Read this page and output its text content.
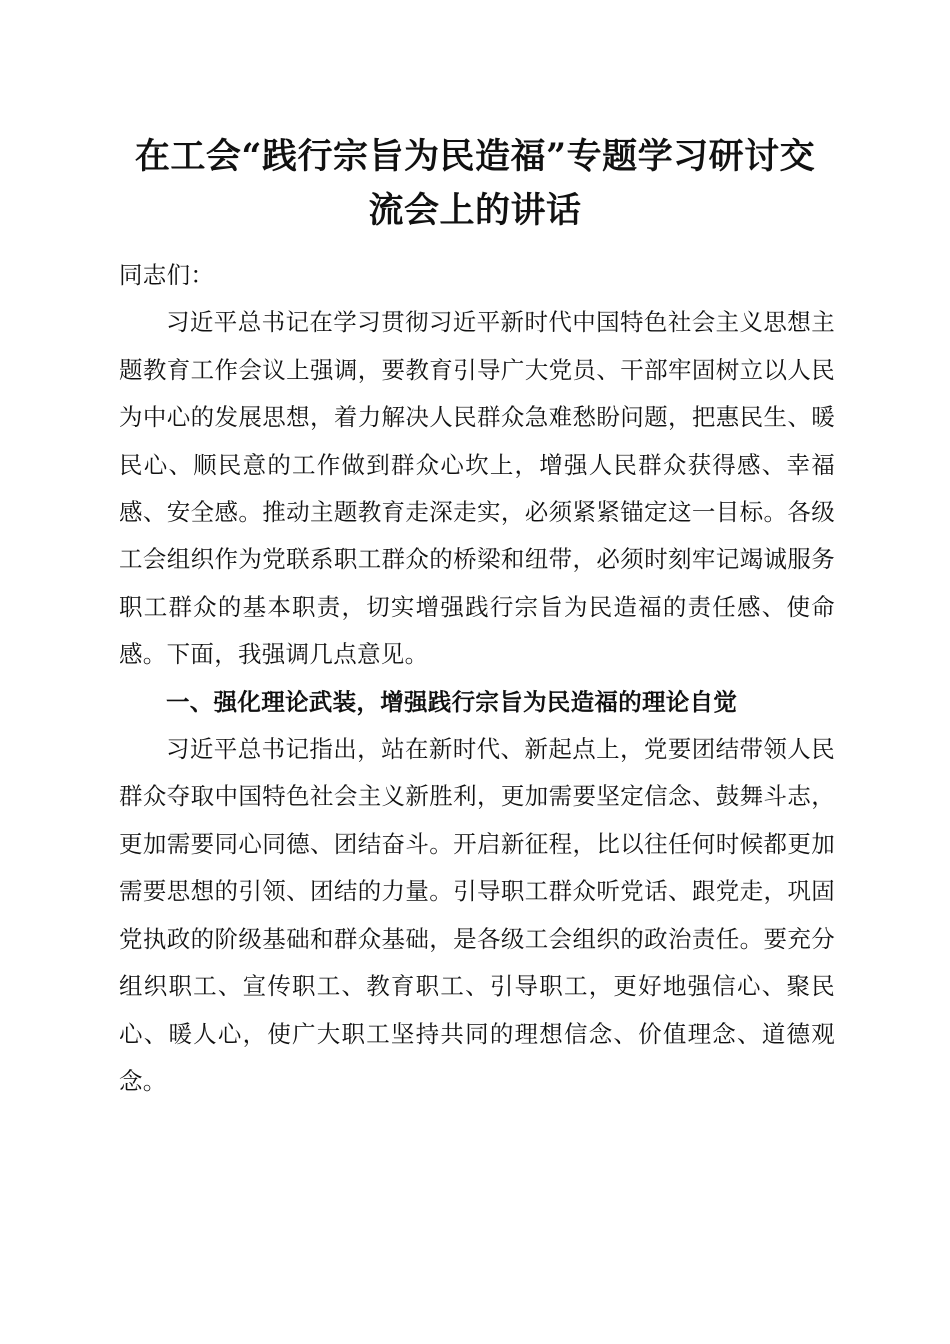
在工会“践行宗旨为民造福”专题学习研讨交
流会上的讲话

同志们：

习近平总书记在学习贯彻习近平新时代中国特色社会主义思想主题教育工作会议上强调，要教育引导广大党员、干部牢固树立以人民为中心的发展思想，着力解决人民群众急难愁盼问题，把惠民生、暖民心、顺民意的工作做到群众心坎上，增强人民群众获得感、幸福感、安全感。推动主题教育走深走实，必须紧紧锚定这一目标。各级工会组织作为党联系职工群众的桥梁和纽带，必须时刻牢记竭诚服务职工群众的基本职责，切实增强践行宗旨为民造福的责任感、使命感。下面，我强调几点意见。

一、强化理论武装，增强践行宗旨为民造福的理论自觉

习近平总书记指出，站在新时代、新起点上，党要团结带领人民群众夺取中国特色社会主义新胜利，更加需要坚定信念、鼓舞斗志，更加需要同心同德、团结奋斗。开启新征程，比以往任何时候都更加需要思想的引领、团结的力量。引导职工群众听党话、跟党走，巩固党执政的阶级基础和群众基础，是各级工会组织的政治责任。要充分组织职工、宣传职工、教育职工、引导职工，更好地强信心、聚民心、暖人心，使广大职工坚持共同的理想信念、价值理念、道德观念。
